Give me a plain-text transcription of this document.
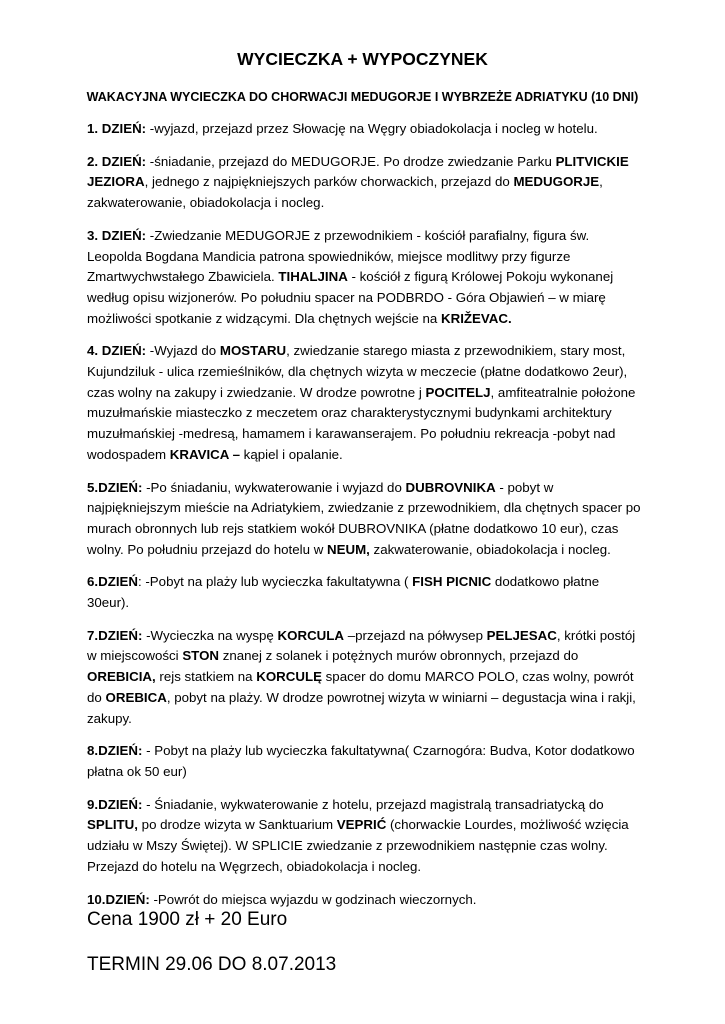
WYCIECZKA + WYPOCZYNEK

WAKACYJNA WYCIECZKA DO CHORWACJI MEDUGORJE I WYBRZEŻE ADRIATYKU (10 DNI)

1. DZIEŃ: -wyjazd, przejazd przez Słowację na Węgry obiadokolacja i nocleg w hotelu.

2. DZIEŃ: -śniadanie, przejazd do MEDUGORJE. Po drodze zwiedzanie Parku PLITVICKIE JEZIORA, jednego z najpiękniejszych parków chorwackich, przejazd do MEDUGORJE, zakwaterowanie, obiadokolacja i nocleg.

3. DZIEŃ: -Zwiedzanie MEDUGORJE z przewodnikiem - kościół parafialny, figura św. Leopolda Bogdana Mandicia patrona spowiedników, miejsce modlitwy przy figurze Zmartwychwstałego Zbawiciela. TIHALJINA - kościół z figurą Królowej Pokoju wykonanej według opisu wizjonerów. Po południu spacer na PODBRDO - Góra Objawień – w miarę możliwości spotkanie z widzącymi. Dla chętnych wejście na KRIŽEVAC.

4. DZIEŃ: -Wyjazd do MOSTARU, zwiedzanie starego miasta z przewodnikiem, stary most, Kujundziluk - ulica rzemieślników, dla chętnych wizyta w meczecie (płatne dodatkowo 2eur), czas wolny na zakupy i zwiedzanie. W drodze powrotne j POCITELJ, amfiteatralnie położone muzułmańskie miasteczko z meczetem oraz charakterystycznymi budynkami architektury muzułmańskiej -medresą, hamamem i karawanserajem. Po południu rekreacja -pobyt nad wodospadem KRAVICA – kąpiel i opalanie.

5.DZIEŃ: -Po śniadaniu, wykwaterowanie i wyjazd do DUBROVNIKA - pobyt w najpiękniejszym mieście na Adriatykiem, zwiedzanie z przewodnikiem, dla chętnych spacer po murach obronnych lub rejs statkiem wokół DUBROVNIKA (płatne dodatkowo 10 eur), czas wolny. Po południu przejazd do hotelu w NEUM, zakwaterowanie, obiadokolacja i nocleg.

6.DZIEŃ: -Pobyt na plaży lub wycieczka fakultatywna ( FISH PICNIC dodatkowo płatne 30eur).

7.DZIEŃ: -Wycieczka na wyspę KORCULA –przejazd na półwysep PELJESAC, krótki postój w miejscowości STON znanej z solanek i potężnych murów obronnych, przejazd do OREBICIA, rejs statkiem na KORCULĘ spacer do domu MARCO POLO, czas wolny, powrót do OREBICA, pobyt na plaży. W drodze powrotnej wizyta w winiarni – degustacja wina i rakji, zakupy.

8.DZIEŃ: - Pobyt na plaży lub wycieczka fakultatywna( Czarnogóra: Budva, Kotor dodatkowo płatna ok 50 eur)

9.DZIEŃ: - Śniadanie, wykwaterowanie z hotelu, przejazd magistralą transadriatycką do SPLITU, po drodze wizyta w Sanktuarium VEPRIĆ (chorwackie Lourdes, możliwość wzięcia udziału w Mszy Świętej). W SPLICIE zwiedzanie z przewodnikiem następnie czas wolny. Przejazd do hotelu na Węgrzech, obiadokolacja i nocleg.

10.DZIEŃ: -Powrót do miejsca wyjazdu w godzinach wieczornych.

Cena 1900 zł + 20 Euro

TERMIN 29.06 DO 8.07.2013
